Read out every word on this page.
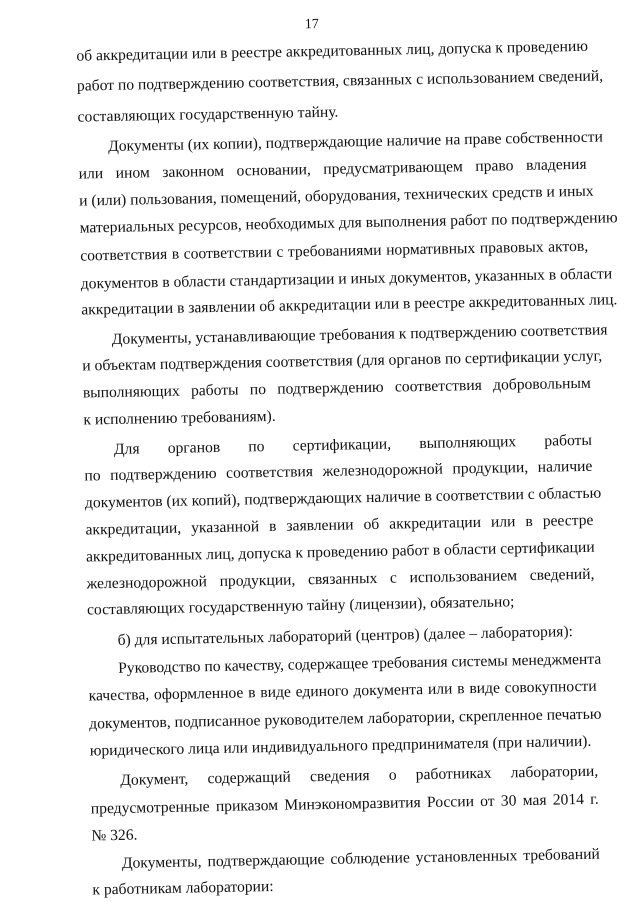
17
об аккредитации или в реестре аккредитованных лиц, допуска к проведению
работ по подтверждению соответствия, связанных с использованием сведений,
составляющих государственную тайну.
Документы (их копии), подтверждающие наличие на праве собственности
или ином законном основании, предусматривающем право владения
и (или) пользования, помещений, оборудования, технических средств и иных
материальных ресурсов, необходимых для выполнения работ по подтверждению
соответствия в соответствии с требованиями нормативных правовых актов,
документов в области стандартизации и иных документов, указанных в области
аккредитации в заявлении об аккредитации или в реестре аккредитованных лиц.
Документы, устанавливающие требования к подтверждению соответствия
и объектам подтверждения соответствия (для органов по сертификации услуг,
выполняющих работы по подтверждению соответствия добровольным
к исполнению требованиям).
Для органов по сертификации, выполняющих работы
по подтверждению соответствия железнодорожной продукции, наличие
документов (их копий), подтверждающих наличие в соответствии с областью
аккредитации, указанной в заявлении об аккредитации или в реестре
аккредитованных лиц, допуска к проведению работ в области сертификации
железнодорожной продукции, связанных с использованием сведений,
составляющих государственную тайну (лицензии), обязательно;
б) для испытательных лабораторий (центров) (далее – лаборатория):
Руководство по качеству, содержащее требования системы менеджмента
качества, оформленное в виде единого документа или в виде совокупности
документов, подписанное руководителем лаборатории, скрепленное печатью
юридического лица или индивидуального предпринимателя (при наличии).
Документ, содержащий сведения о работниках лаборатории,
предусмотренные приказом Минэкономразвития России от 30 мая 2014 г.
№ 326.
Документы, подтверждающие соблюдение установленных требований
к работникам лаборатории:
